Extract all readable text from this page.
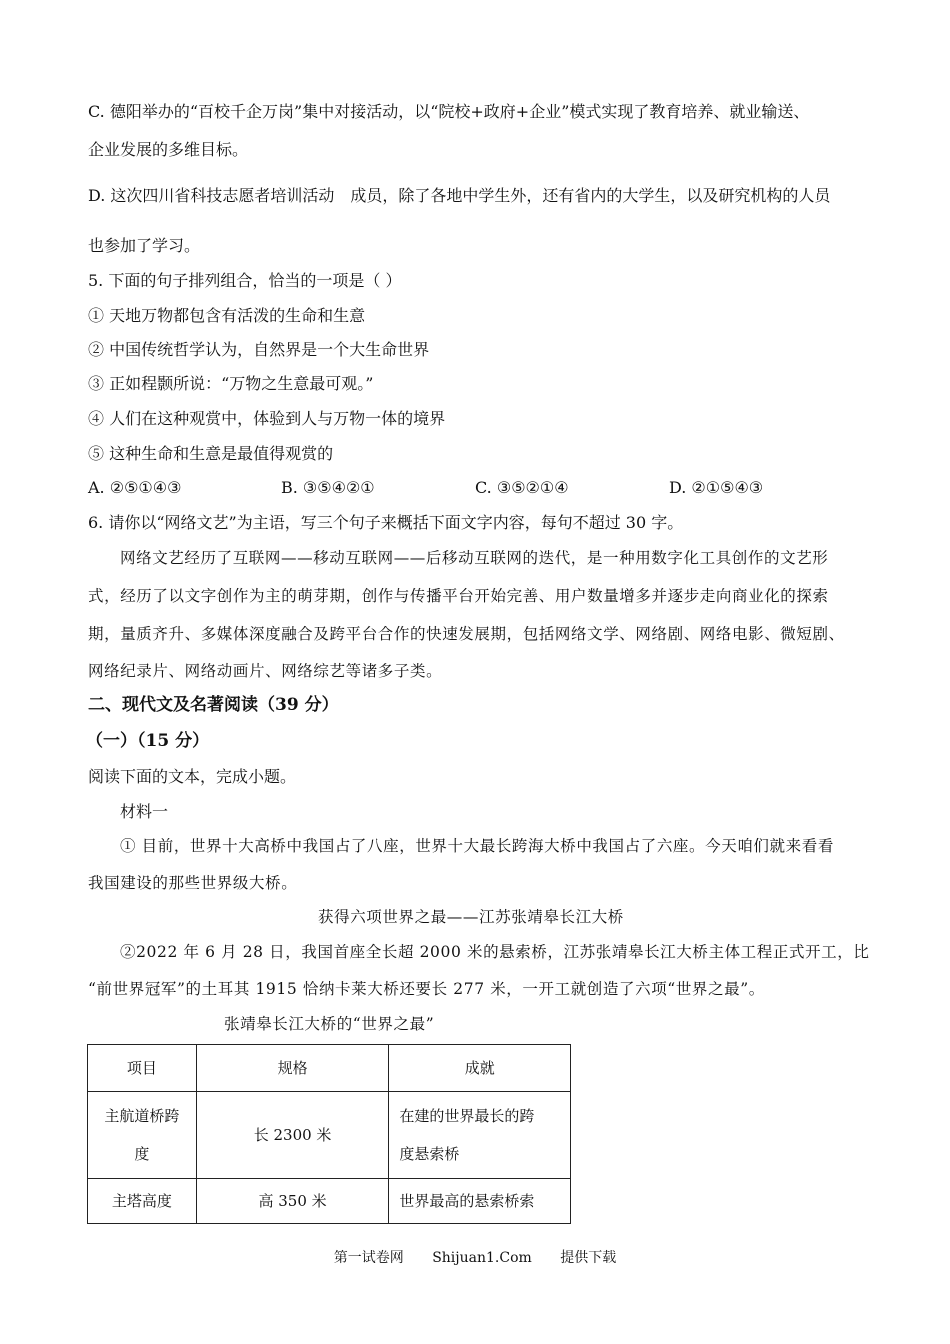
C. 德阳举办的“百校千企万岗”集中对接活动，以“院校+政府+企业”模式实现了教育培养、就业输送、
企业发展的多维目标。
D. 这次四川省科技志愿者培训活动　成员，除了各地中学生外，还有省内的大学生，以及研究机构的人员
也参加了学习。
5. 下面的句子排列组合，恰当的一项是（ ）
① 天地万物都包含有活泼的生命和生意
② 中国传统哲学认为，自然界是一个大生命世界
③ 正如程颢所说：“万物之生意最可观。”
④ 人们在这种观赏中，体验到人与万物一体的境界
⑤ 这种生命和生意是最值得观赏的
A. ②⑤①④③	B. ③⑤④②①	C. ③⑤②①④	D. ②①⑤④③
6. 请你以“网络文艺”为主语，写三个句子来概括下面文字内容，每句不超过 30 字。
网络文艺经历了互联网——移动互联网——后移动互联网的迭代，是一种用数字化工具创作的文艺形
式，经历了以文字创作为主的萌芽期，创作与传播平台开始完善、用户数量增多并逐步走向商业化的探索
期，量质齐升、多媒体深度融合及跨平台合作的快速发展期，包括网络文学、网络剧、网络电影、微短剧、
网络纪录片、网络动画片、网络综艺等诸多子类。
二、现代文及名著阅读（39 分）
（一）（15 分）
阅读下面的文本，完成小题。
材料一
① 目前，世界十大高桥中我国占了八座，世界十大最长跨海大桥中我国占了六座。今天咱们就来看看
我国建设的那些世界级大桥。
获得六项世界之最——江苏张靖皋长江大桥
②2022 年 6 月 28 日，我国首座全长超 2000 米的悬索桥，江苏张靖皋长江大桥主体工程正式开工，比
“前世界冠军”的土耳其 1915 恰纳卡莱大桥还要长 277 米，一开工就创造了六项“世界之最”。
张靖皋长江大桥的“世界之最”
项目	规格	成就
主航道桥跨
度	长 2300 米	在建的世界最长的跨
度悬索桥
主塔高度	高 350 米	世界最高的悬索桥索
第一试卷网 Shijuan1.Com 提供下载
